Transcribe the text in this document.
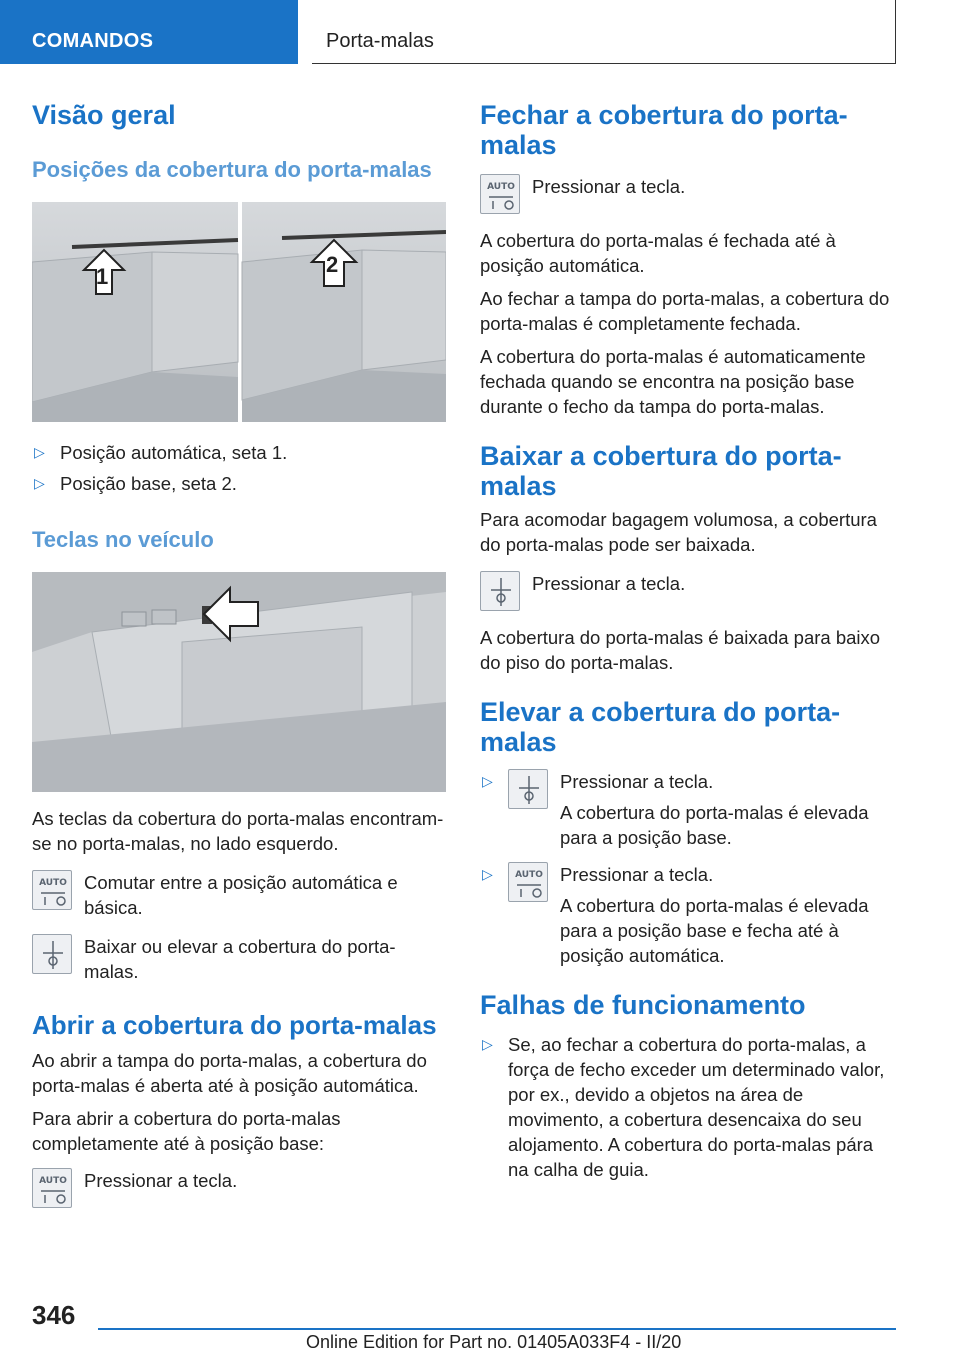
COMANDOS	Porta-malas
Visão geral
Posições da cobertura do porta-malas
1	2
▷ Posição automática, seta 1.
▷ Posição base, seta 2.
Teclas no veículo

As teclas da cobertura do porta-malas encontram-se no porta-malas, no lado esquerdo.

AUTO Comutar entre a posição automática e básica.
Baixar ou elevar a cobertura do porta-malas.
Abrir a cobertura do porta-malas

Ao abrir a tampa do porta-malas, a cobertura do porta-malas é aberta até à posição automática.

Para abrir a cobertura do porta-malas completamente até à posição base:

AUTO Pressionar a tecla.
Fechar a cobertura do porta-malas
AUTO Pressionar a tecla.

A cobertura do porta-malas é fechada até à posição automática.

Ao fechar a tampa do porta-malas, a cobertura do porta-malas é completamente fechada.

A cobertura do porta-malas é automaticamente fechada quando se encontra na posição base durante o fecho da tampa do porta-malas.

Baixar a cobertura do porta-malas

Para acomodar bagagem volumosa, a cobertura do porta-malas pode ser baixada.

Pressionar a tecla.

A cobertura do porta-malas é baixada para baixo do piso do porta-malas.

Elevar a cobertura do porta-malas
▷	Pressionar a tecla.
A cobertura do porta-malas é elevada para a posição base.
▷ AUTO Pressionar a tecla.
A cobertura do porta-malas é elevada para a posição base e fecha até à posição automática.
Falhas de funcionamento
▷ Se, ao fechar a cobertura do porta-malas, a força de fecho exceder um determinado valor, por ex., devido a objetos na área de movimento, a cobertura desencaixa do seu alojamento. A cobertura do porta-malas pára na calha de guia.
346
Online Edition for Part no. 01405A033F4 - II/20
